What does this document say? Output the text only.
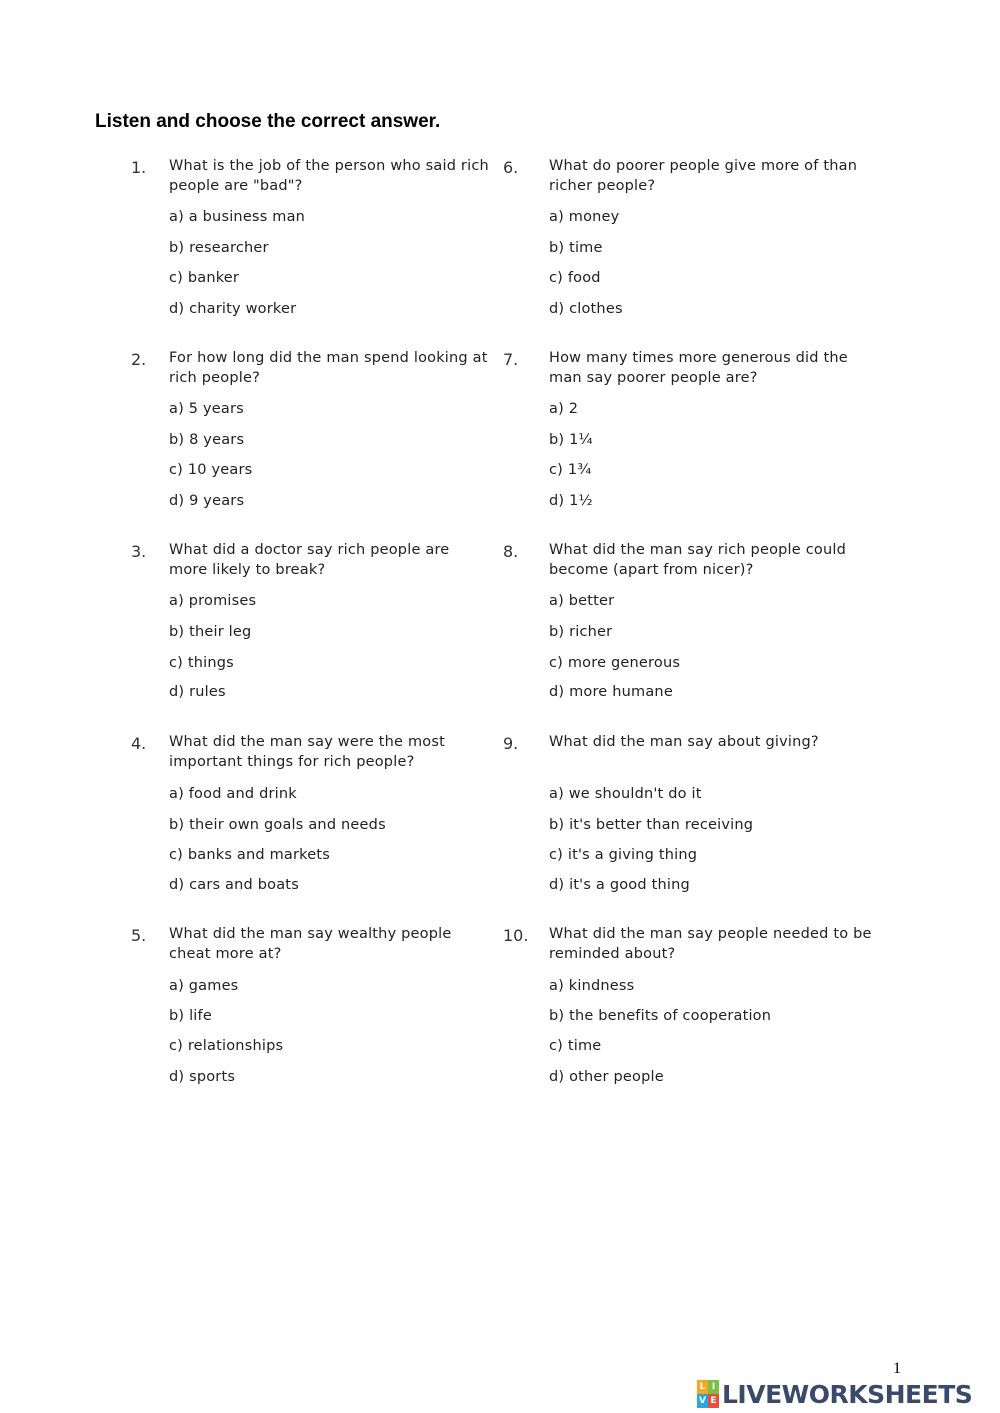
Listen and choose the correct answer.
1. What is the job of the person who said rich people are "bad"?
a) a business man
b) researcher
c) banker
d) charity worker
2. For how long did the man spend looking at rich people?
a) 5 years
b) 8 years
c) 10 years
d) 9 years
3. What did a doctor say rich people are more likely to break?
a) promises
b) their leg
c) things
d) rules
4. What did the man say were the most important things for rich people?
a) food and drink
b) their own goals and needs
c) banks and markets
d) cars and boats
5. What did the man say wealthy people cheat more at?
a) games
b) life
c) relationships
d) sports
6. What do poorer people give more of than richer people?
a) money
b) time
c) food
d) clothes
7. How many times more generous did the man say poorer people are?
a) 2
b) 1¼
c) 1¾
d) 1½
8. What did the man say rich people could become (apart from nicer)?
a) better
b) richer
c) more generous
d) more humane
9. What did the man say about giving?
a) we shouldn't do it
b) it's better than receiving
c) it's a giving thing
d) it's a good thing
10. What did the man say people needed to be reminded about?
a) kindness
b) the benefits of cooperation
c) time
d) other people
1
L I
V E LIVEWORKSHEETS
